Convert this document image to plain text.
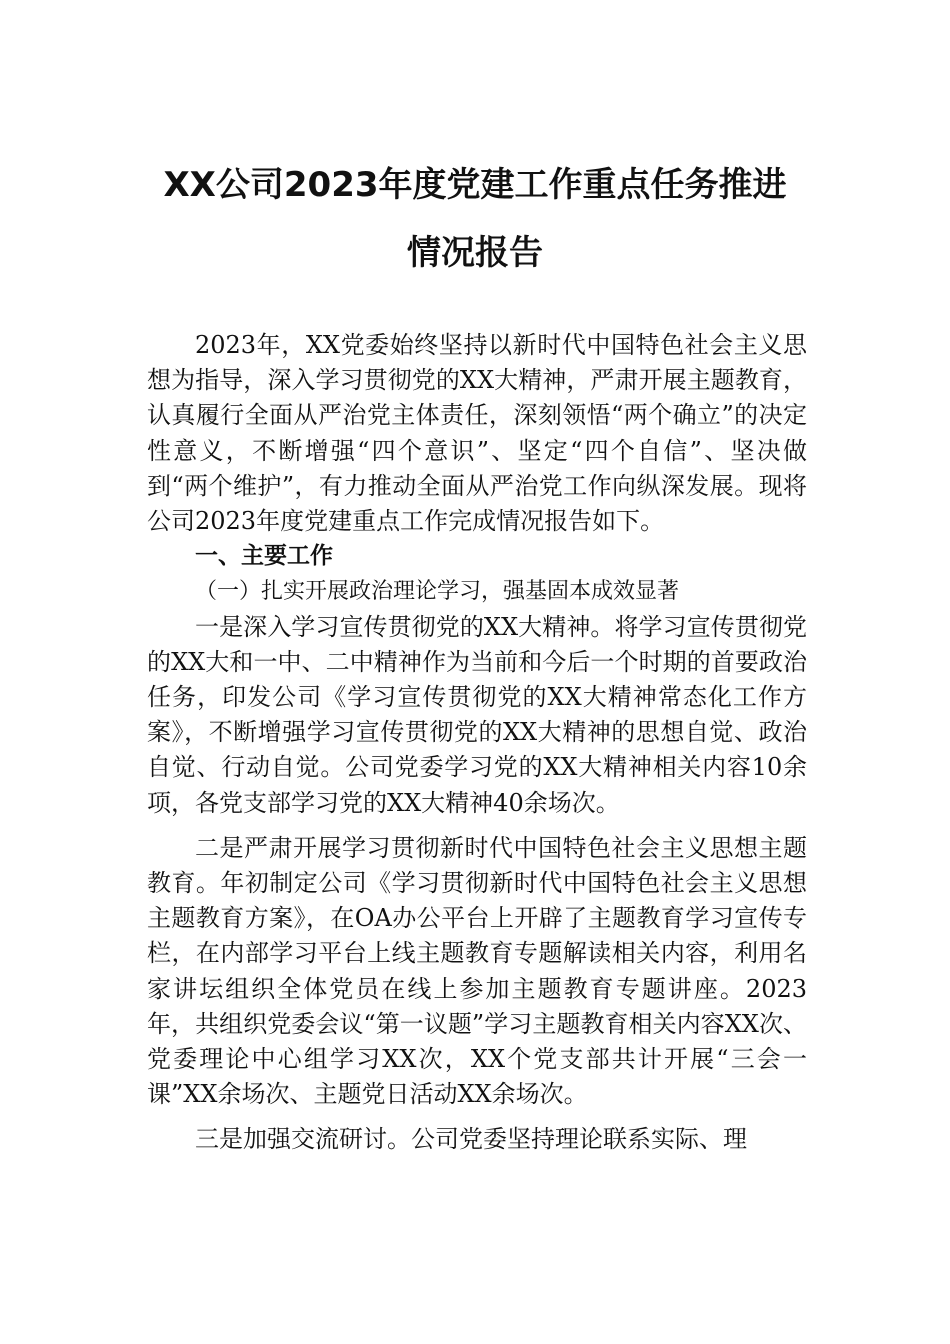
XX公司2023年度党建工作重点任务推进
情况报告

2023年，XX党委始终坚持以新时代中国特色社会主义思想为指导，深入学习贯彻党的XX大精神，严肃开展主题教育，认真履行全面从严治党主体责任，深刻领悟“两个确立”的决定性意义，不断增强“四个意识”、坚定“四个自信”、坚决做到“两个维护”，有力推动全面从严治党工作向纵深发展。现将公司2023年度党建重点工作完成情况报告如下。

一、主要工作

（一）扎实开展政治理论学习，强基固本成效显著

一是深入学习宣传贯彻党的XX大精神。将学习宣传贯彻党的XX大和一中、二中精神作为当前和今后一个时期的首要政治任务，印发公司《学习宣传贯彻党的XX大精神常态化工作方案》，不断增强学习宣传贯彻党的XX大精神的思想自觉、政治自觉、行动自觉。公司党委学习党的XX大精神相关内容10余项，各党支部学习党的XX大精神40余场次。

二是严肃开展学习贯彻新时代中国特色社会主义思想主题教育。年初制定公司《学习贯彻新时代中国特色社会主义思想主题教育方案》，在OA办公平台上开辟了主题教育学习宣传专栏，在内部学习平台上线主题教育专题解读相关内容，利用名家讲坛组织全体党员在线上参加主题教育专题讲座。2023年，共组织党委会议“第一议题”学习主题教育相关内容XX次、党委理论中心组学习XX次，XX个党支部共计开展“三会一课”XX余场次、主题党日活动XX余场次。

三是加强交流研讨。公司党委坚持理论联系实际、理
